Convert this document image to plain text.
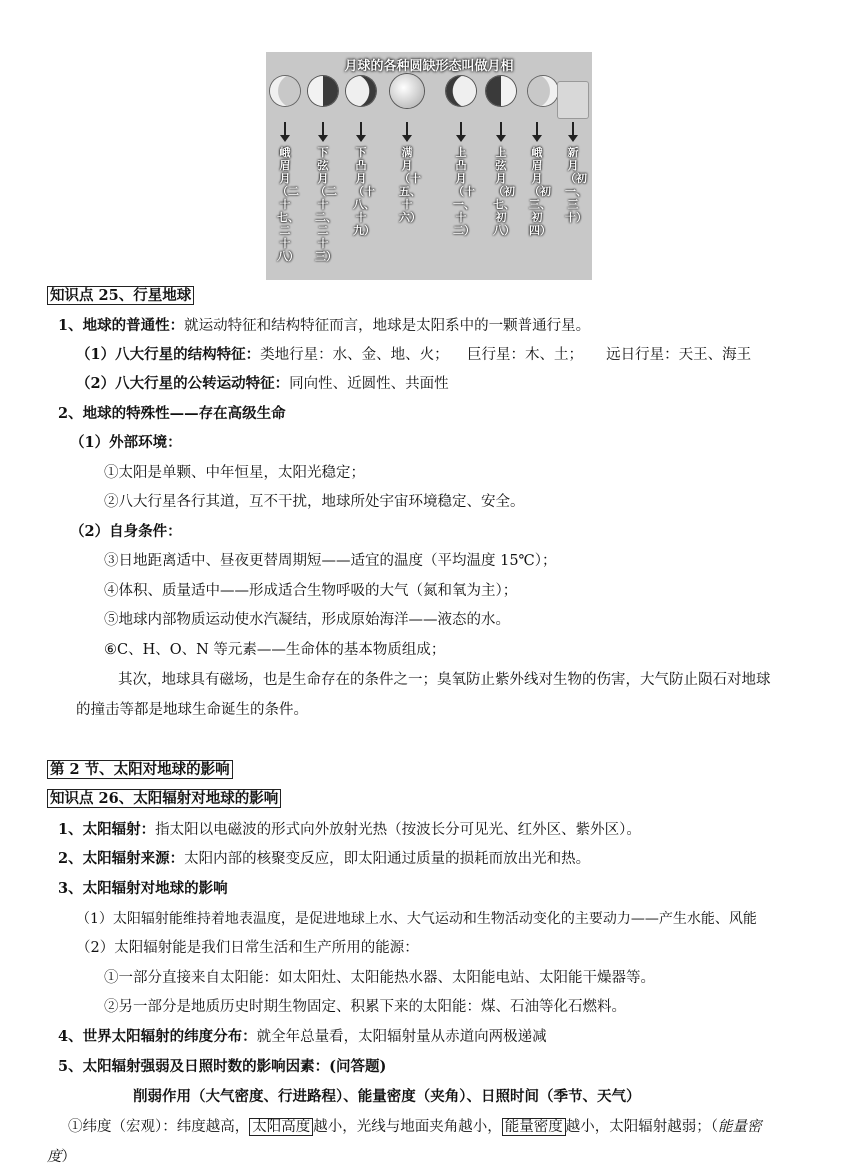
月球的各种圆缺形态叫做月相
峨眉月（二十七、二十八）
下弦月（二十二、二十三）
下凸月（十八、十九）
满月（十五、十六）
上凸月（十一、十二）
上弦月（初七、初八）
峨眉月（初三、初四）
新月（初一、三十）
知识点 25、行星地球
1、地球的普通性：就运动特征和结构特征而言，地球是太阳系中的一颗普通行星。
（1）八大行星的结构特征：类地行星：水、金、地、火；    巨行星：木、土；     远日行星：天王、海王
（2）八大行星的公转运动特征：同向性、近圆性、共面性
2、地球的特殊性——存在高级生命
（1）外部环境：
①太阳是单颗、中年恒星，太阳光稳定；
②八大行星各行其道，互不干扰，地球所处宇宙环境稳定、安全。
（2）自身条件：
③日地距离适中、昼夜更替周期短——适宜的温度（平均温度 15℃）；
④体积、质量适中——形成适合生物呼吸的大气（氮和氧为主）；
⑤地球内部物质运动使水汽凝结，形成原始海洋——液态的水。
⑥C、H、O、N 等元素——生命体的基本物质组成；
其次，地球具有磁场，也是生命存在的条件之一；臭氧防止紫外线对生物的伤害，大气防止陨石对地球
的撞击等都是地球生命诞生的条件。
第 2 节、太阳对地球的影响
知识点 26、太阳辐射对地球的影响
1、太阳辐射：指太阳以电磁波的形式向外放射光热（按波长分可见光、红外区、紫外区）。
2、太阳辐射来源：太阳内部的核聚变反应，即太阳通过质量的损耗而放出光和热。
3、太阳辐射对地球的影响
（1）太阳辐射能维持着地表温度，是促进地球上水、大气运动和生物活动变化的主要动力——产生水能、风能
（2）太阳辐射能是我们日常生活和生产所用的能源：
①一部分直接来自太阳能：如太阳灶、太阳能热水器、太阳能电站、太阳能干燥器等。
②另一部分是地质历史时期生物固定、积累下来的太阳能：煤、石油等化石燃料。
4、世界太阳辐射的纬度分布：就全年总量看，太阳辐射量从赤道向两极递减
5、太阳辐射强弱及日照时数的影响因素：(问答题)
削弱作用（大气密度、行进路程）、能量密度（夹角）、日照时间（季节、天气）
①纬度（宏观）：纬度越高， 太阳高度 越小，光线与地面夹角越小， 能量密度 越小，太阳辐射越弱；（能量密
度）
